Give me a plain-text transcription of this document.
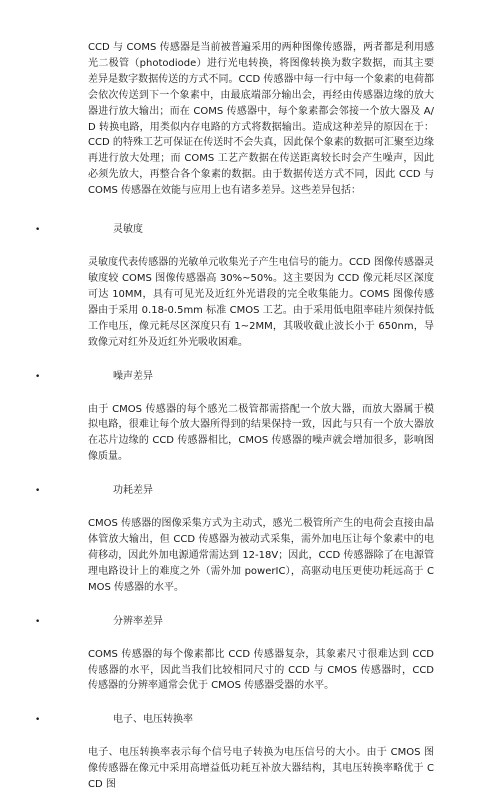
CCD 与 COMS 传感器是当前被普遍采用的两种图像传感器，两者都是利用感光二极管（photodiode）进行光电转换，将图像转换为数字数据，而其主要差异是数字数据传送的方式不同。CCD 传感器中每一行中每一个象素的电荷都会依次传送到下一个象素中，由最底端部分输出会，再经由传感器边缘的放大器进行放大输出；而在 COMS 传感器中，每个象素都会邻接一个放大器及 A/D 转换电路，用类似内存电路的方式将数据输出。造成这种差异的原因在于：CCD 的特殊工艺可保证在传送时不会失真，因此保个象素的数据可汇聚至边缘再进行放大处理；而 COMS 工艺产数据在传送距离较长时会产生噪声，因此必须先放大，再整合各个象素的数据。由于数据传送方式不同，因此 CCD 与 COMS 传感器在效能与应用上也有诸多差异。这些差异包括：

•	灵敏度

灵敏度代表传感器的光敏单元收集光子产生电信号的能力。CCD 图像传感器灵敏度较 COMS 图像传感器高 30%~50%。这主要因为 CCD 像元耗尽区深度可达 10MM，具有可见光及近红外光谱段的完全收集能力。COMS 图像传感器由于采用 0.18-0.5mm 标准 CMOS 工艺。由于采用低电阻率硅片须保持低工作电压，像元耗尽区深度只有 1~2MM，其吸收截止波长小于 650nm，导致像元对红外及近红外光吸收困难。

•	噪声差异

由于 CMOS 传感器的每个感光二极管都需搭配一个放大器，而放大器属于模拟电路，很难让每个放大器所得到的结果保持一致，因此与只有一个放大器放在芯片边缘的 CCD 传感器相比，CMOS 传感器的噪声就会增加很多，影响图像质量。

•	功耗差异

CMOS 传感器的图像采集方式为主动式，感光二极管所产生的电荷会直接由晶体管放大输出，但 CCD 传感器为被动式采集，需外加电压让每个象素中的电荷移动，因此外加电源通常需达到 12-18V；因此，CCD 传感器除了在电源管理电路设计上的难度之外（需外加 powerIC），高驱动电压更使功耗远高于 CMOS 传感器的水平。

•	分辨率差异

COMS 传感器的每个像素都比 CCD 传感器复杂，其象素尺寸很难达到 CCD 传感器的水平，因此当我们比较相同尺寸的 CCD 与 CMOS 传感器时，CCD 传感器的分辨率通常会优于 CMOS 传感器受器的水平。

•	电子、电压转换率

电子、电压转换率表示每个信号电子转换为电压信号的大小。由于 CMOS 图像传感器在像元中采用高增益低功耗互补放大器结构，其电压转换率略优于 CCD 图
